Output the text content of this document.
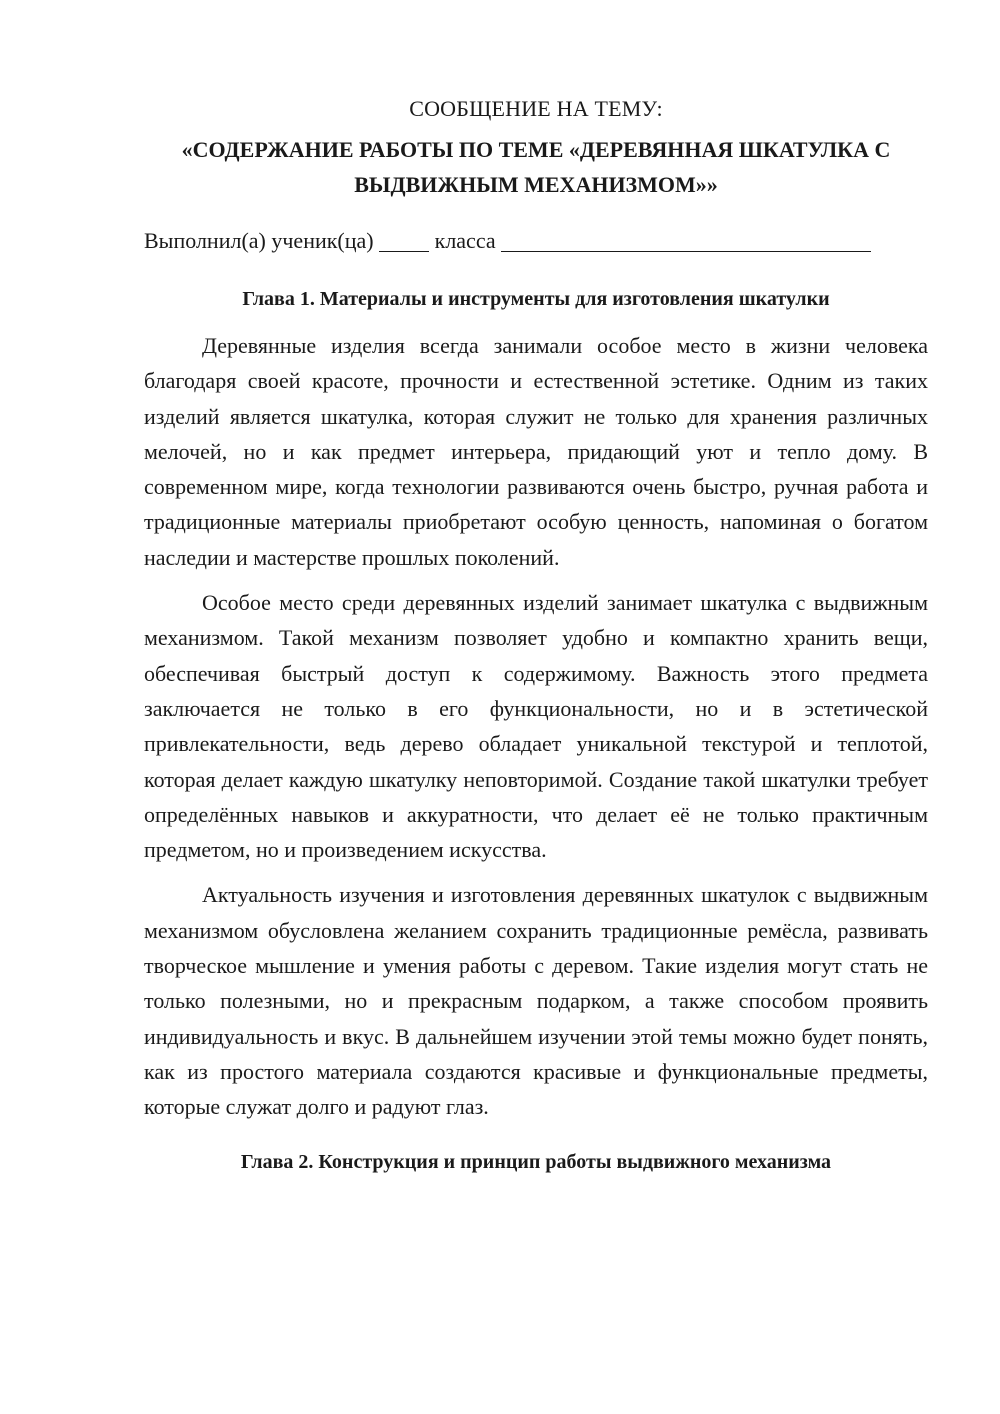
СООБЩЕНИЕ НА ТЕМУ:

«СОДЕРЖАНИЕ РАБОТЫ ПО ТЕМЕ «ДЕРЕВЯННАЯ ШКАТУЛКА С ВЫДВИЖНЫМ МЕХАНИЗМОМ»»

Выполнил(а) ученик(ца)	класса

Глава 1. Материалы и инструменты для изготовления шкатулки

Деревянные изделия всегда занимали особое место в жизни человека благодаря своей красоте, прочности и естественной эстетике. Одним из таких изделий является шкатулка, которая служит не только для хранения различных мелочей, но и как предмет интерьера, придающий уют и тепло дому. В современном мире, когда технологии развиваются очень быстро, ручная работа и традиционные материалы приобретают особую ценность, напоминая о богатом наследии и мастерстве прошлых поколений.

Особое место среди деревянных изделий занимает шкатулка с выдвижным механизмом. Такой механизм позволяет удобно и компактно хранить вещи, обеспечивая быстрый доступ к содержимому. Важность этого предмета заключается не только в его функциональности, но и в эстетической привлекательности, ведь дерево обладает уникальной текстурой и теплотой, которая делает каждую шкатулку неповторимой. Создание такой шкатулки требует определённых навыков и аккуратности, что делает её не только практичным предметом, но и произведением искусства.

Актуальность изучения и изготовления деревянных шкатулок с выдвижным механизмом обусловлена желанием сохранить традиционные ремёсла, развивать творческое мышление и умения работы с деревом. Такие изделия могут стать не только полезными, но и прекрасным подарком, а также способом проявить индивидуальность и вкус. В дальнейшем изучении этой темы можно будет понять, как из простого материала создаются красивые и функциональные предметы, которые служат долго и радуют глаз.

Глава 2. Конструкция и принцип работы выдвижного механизма
